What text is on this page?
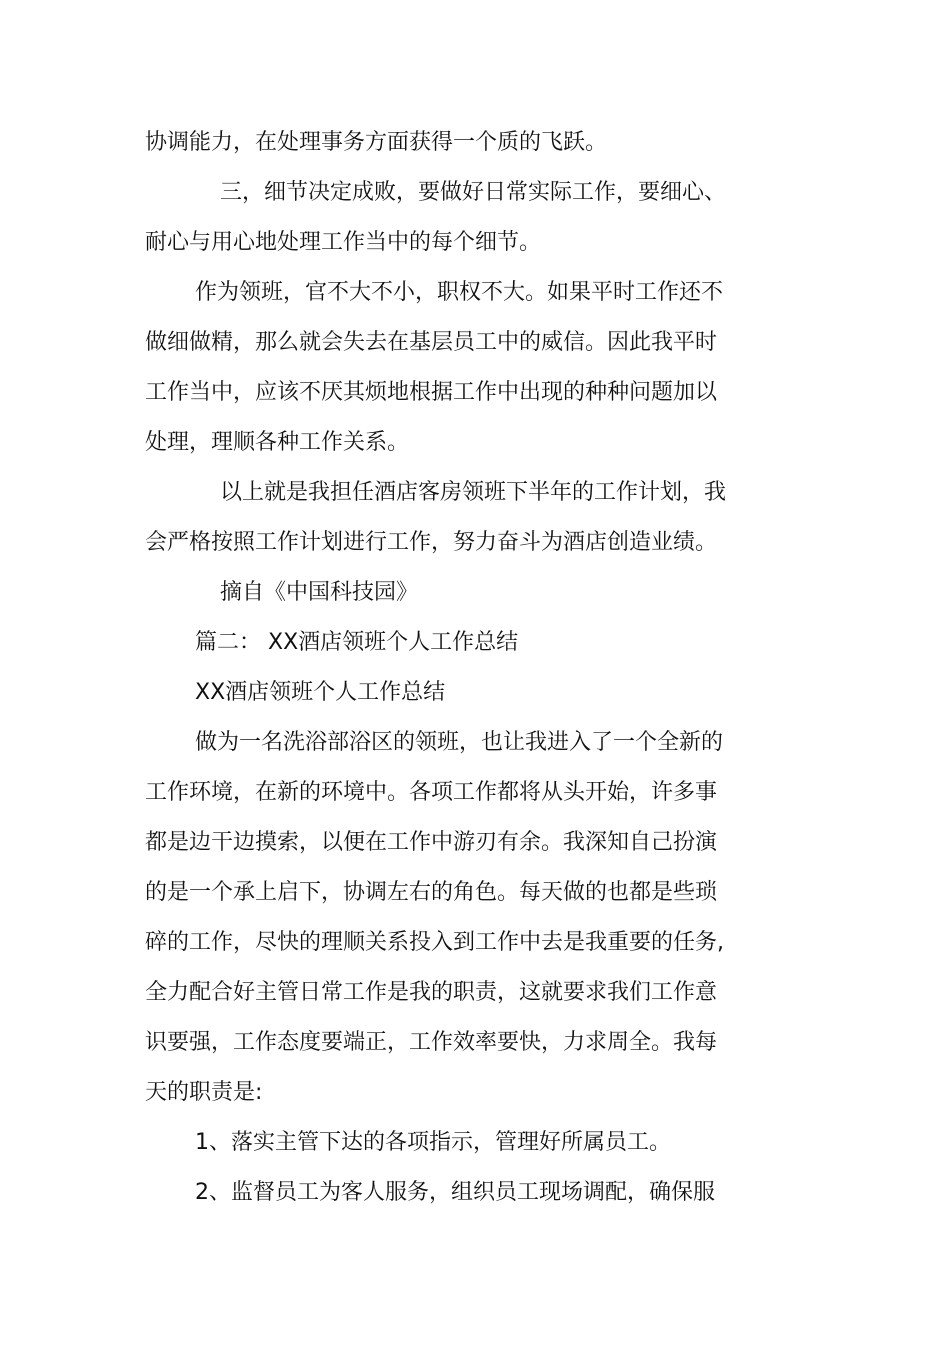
协调能力，在处理事务方面获得一个质的飞跃。
三，细节决定成败，要做好日常实际工作，要细心、
耐心与用心地处理工作当中的每个细节。
作为领班，官不大不小，职权不大。如果平时工作还不
做细做精，那么就会失去在基层员工中的威信。因此我平时
工作当中，应该不厌其烦地根据工作中出现的种种问题加以
处理，理顺各种工作关系。
以上就是我担任酒店客房领班下半年的工作计划，我
会严格按照工作计划进行工作，努力奋斗为酒店创造业绩。
摘自《中国科技园》
篇二： XX酒店领班个人工作总结
XX酒店领班个人工作总结
做为一名洗浴部浴区的领班，也让我进入了一个全新的
工作环境，在新的环境中。各项工作都将从头开始，许多事
都是边干边摸索，以便在工作中游刃有余。我深知自己扮演
的是一个承上启下，协调左右的角色。每天做的也都是些琐
碎的工作，尽快的理顺关系投入到工作中去是我重要的任务,
全力配合好主管日常工作是我的职责，这就要求我们工作意
识要强，工作态度要端正，工作效率要快，力求周全。我每
天的职责是:
1、落实主管下达的各项指示，管理好所属员工。
2、监督员工为客人服务，组织员工现场调配，确保服
